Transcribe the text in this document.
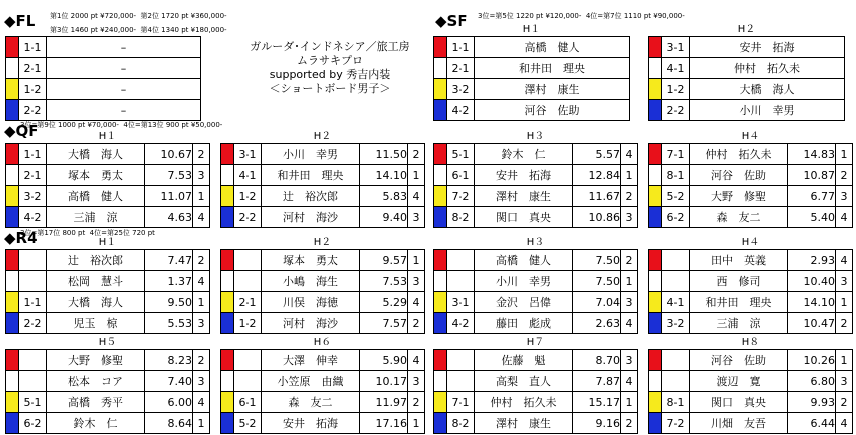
◆FL 第1位 2000 pt ¥720,000-  第2位 1720 pt ¥360,000-
第3位 1460 pt ¥240,000-  第4位 1340 pt ¥180,000-	◆SF 3位=第5位 1220 pt ¥120,000-  4位=第7位 1110 pt ¥90,000-
◆QF
3位=第9位 1000 pt ¥70,000-  4位=第13位 900 pt ¥50,000-
◆R4
3位=第17位 800 pt  4位=第25位 720 pt
ガルーダ･インドネシア／旅工房
ムラサキプロ
supported by 秀吉内装
＜ショートボード男子＞
	1-1	–
	2-1	–
	1-2	–
	2-2	–
H１
	1-1	高橋　健人
	2-1	和井田　理央
	3-2	澤村　康生
	4-2	河谷　佐助
H２
	3-1	安井　拓海
	4-1	仲村　拓久未
	1-2	大橋　海人
	2-2	小川　幸男
H１
	1-1	大橋　海人	10.67	2
	2-1	塚本　勇太	7.53	3
	3-2	高橋　健人	11.07	1
	4-2	三浦　涼	4.63	4
H２
	3-1	小川　幸男	11.50	2
	4-1	和井田　理央	14.10	1
	1-2	辻　裕次郎	5.83	4
	2-2	河村　海沙	9.40	3
H３
	5-1	鈴木　仁	5.57	4
	6-1	安井　拓海	12.84	1
	7-2	澤村　康生	11.67	2
	8-2	関口　真央	10.86	3
H４
	7-1	仲村　拓久未	14.83	1
	8-1	河谷　佐助	10.87	2
	5-2	大野　修聖	6.77	3
	6-2	森　友二	5.40	4
H１
		辻　裕次郎	7.47	2
		松岡　慧斗	1.37	4
	1-1	大橋　海人	9.50	1
	2-2	児玉　椋	5.53	3
H２
		塚本　勇太	9.57	1
		小嶋　海生	7.53	3
	2-1	川俣　海徳	5.29	4
	1-2	河村　海沙	7.57	2
H３
		高橋　健人	7.50	2
		小川　幸男	7.50	1
	3-1	金沢　呂偉	7.04	3
	4-2	藤田　彪成	2.63	4
H４
		田中　英義	2.93	4
		西　修司	10.40	3
	4-1	和井田　理央	14.10	1
	3-2	三浦　涼	10.47	2
H５
		大野　修聖	8.23	2
		松本　コア	7.40	3
	5-1	高橋　秀平	6.00	4
	6-2	鈴木　仁	8.64	1
H６
		大澤　伸幸	5.90	4
		小笠原　由織	10.17	3
	6-1	森　友二	11.97	2
	5-2	安井　拓海	17.16	1
H７
		佐藤　魁	8.70	3
		高梨　直人	7.87	4
	7-1	仲村　拓久未	15.17	1
	8-2	澤村　康生	9.16	2
H８
		河谷　佐助	10.26	1
		渡辺　寛	6.80	3
	8-1	関口　真央	9.93	2
	7-2	川畑　友吾	6.44	4
